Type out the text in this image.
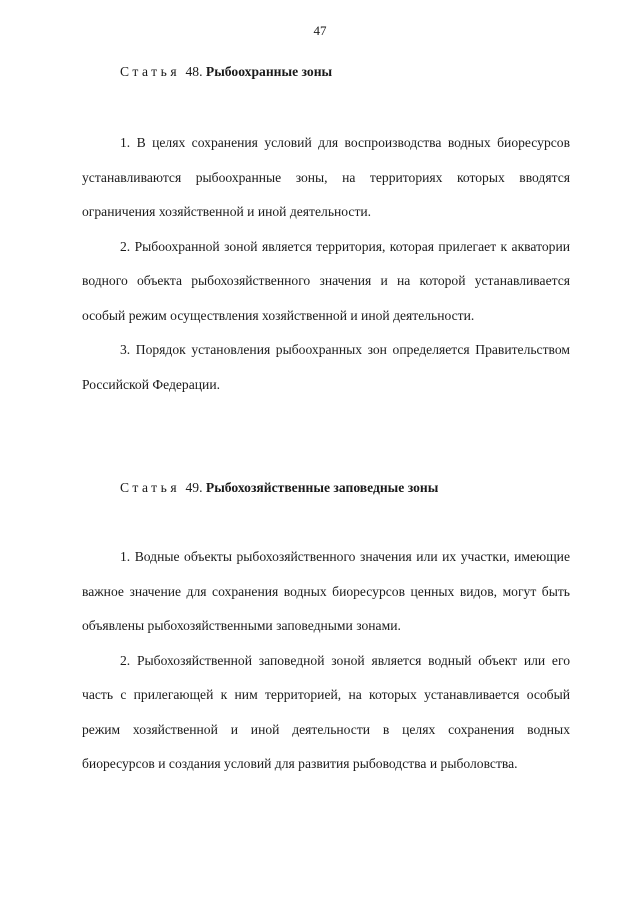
47
Статья 48. Рыбоохранные зоны

1. В целях сохранения условий для воспроизводства водных биоресурсов устанавливаются рыбоохранные зоны, на территориях которых вводятся ограничения хозяйственной и иной деятельности.

2. Рыбоохранной зоной является территория, которая прилегает к акватории водного объекта рыбохозяйственного значения и на которой устанавливается особый режим осуществления хозяйственной и иной деятельности.

3. Порядок установления рыбоохранных зон определяется Правительством Российской Федерации.

Статья 49. Рыбохозяйственные заповедные зоны

1. Водные объекты рыбохозяйственного значения или их участки, имеющие важное значение для сохранения водных биоресурсов ценных видов, могут быть объявлены рыбохозяйственными заповедными зонами.

2. Рыбохозяйственной заповедной зоной является водный объект или его часть с прилегающей к ним территорией, на которых устанавливается особый режим хозяйственной и иной деятельности в целях сохранения водных биоресурсов и создания условий для развития рыбоводства и рыболовства.
